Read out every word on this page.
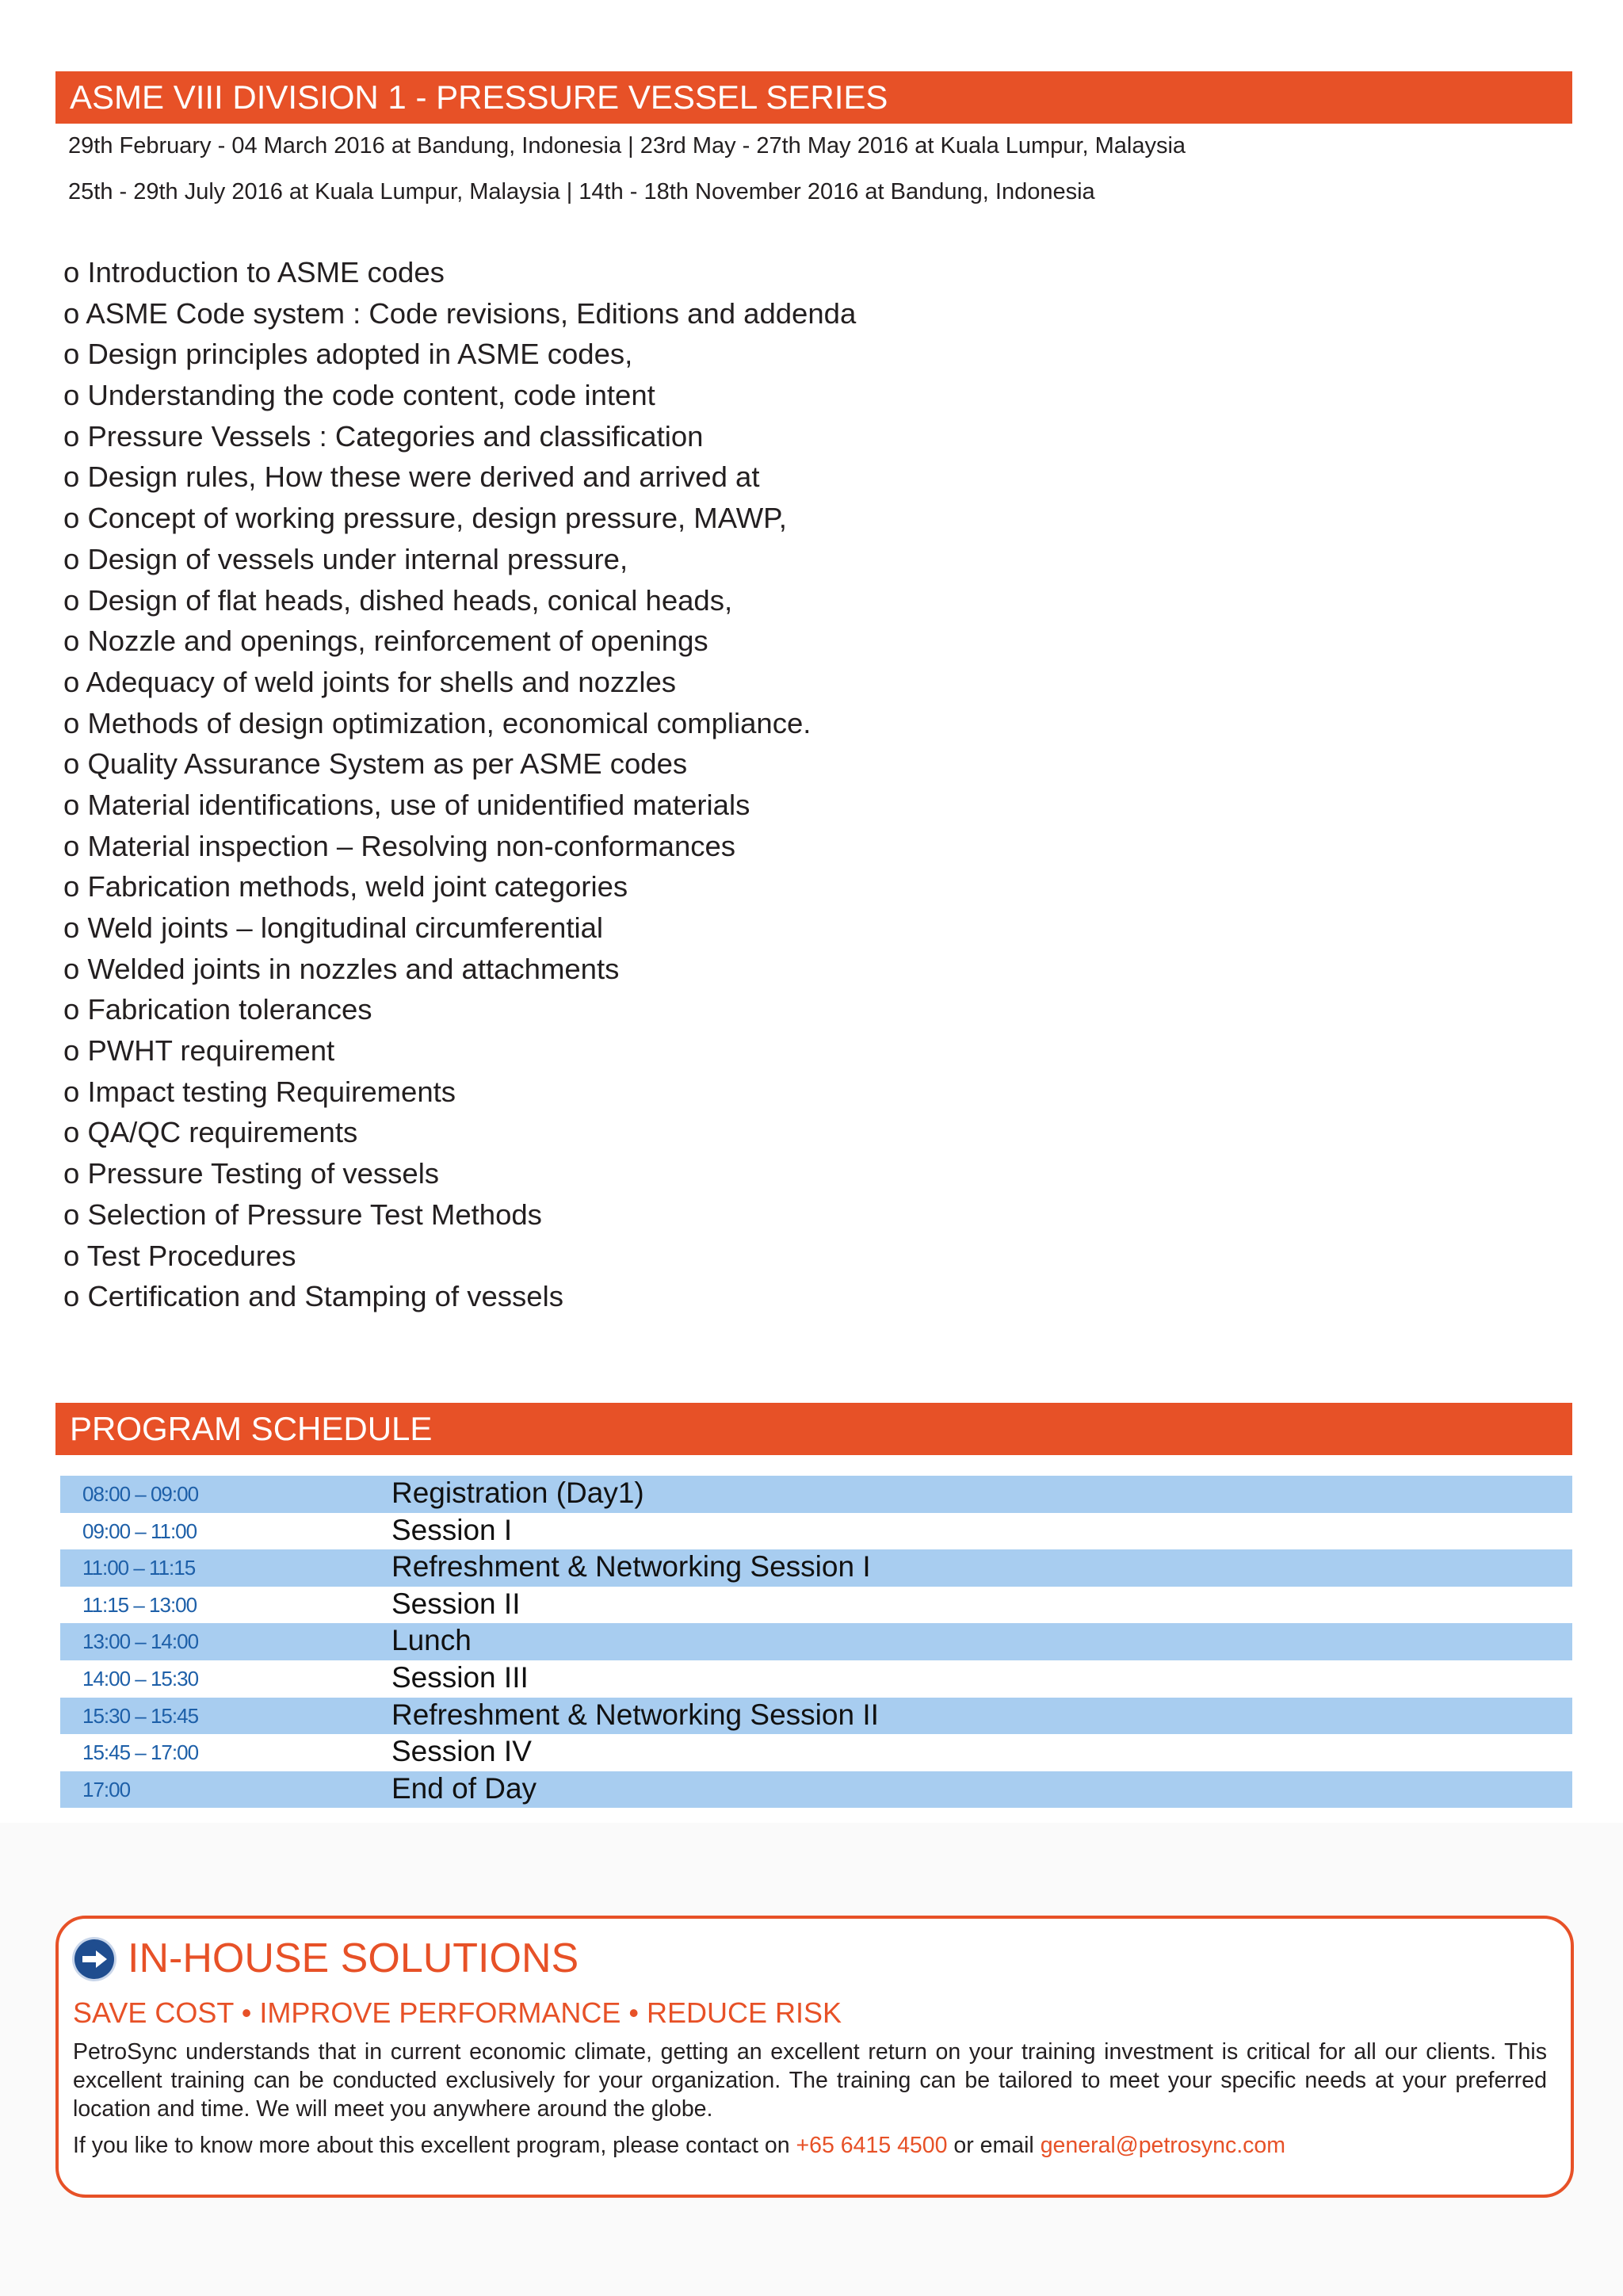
ASME VIII DIVISION 1 - PRESSURE VESSEL SERIES
29th February - 04 March 2016 at Bandung, Indonesia | 23rd May - 27th May 2016 at Kuala Lumpur, Malaysia
25th - 29th July 2016 at Kuala Lumpur, Malaysia | 14th - 18th November 2016 at Bandung, Indonesia
o Introduction to ASME codes
o ASME Code system : Code revisions, Editions and addenda
o Design principles adopted in ASME codes,
o Understanding the code content, code intent
o Pressure Vessels : Categories and classification
o Design rules, How these were derived and arrived at
o Concept of working pressure, design pressure, MAWP,
o Design of vessels under internal pressure,
o Design of flat heads, dished heads, conical heads,
o Nozzle and openings, reinforcement of openings
o Adequacy of weld joints for shells and nozzles
o Methods of design optimization, economical compliance.
o Quality Assurance System as per ASME codes
o Material identifications, use of unidentified materials
o Material inspection – Resolving non-conformances
o Fabrication methods, weld joint categories
o Weld joints – longitudinal circumferential
o Welded joints in nozzles and attachments
o Fabrication tolerances
o PWHT requirement
o Impact testing Requirements
o QA/QC requirements
o Pressure Testing of vessels
o Selection of Pressure Test Methods
o Test Procedures
o Certification and Stamping of vessels
PROGRAM SCHEDULE
08:00 – 09:00	Registration (Day1)
09:00 – 11:00	Session I
11:00 – 11:15	Refreshment & Networking Session I
11:15 – 13:00	Session II
13:00 – 14:00	Lunch
14:00 – 15:30	Session III
15:30 – 15:45	Refreshment & Networking Session II
15:45 – 17:00	Session IV
17:00	End of Day
IN-HOUSE SOLUTIONS
SAVE COST • IMPROVE PERFORMANCE • REDUCE RISK

PetroSync understands that in current economic climate, getting an excellent return on your training investment is critical for all our clients. This excellent training can be conducted exclusively for your organization. The training can be tailored to meet your specific needs at your preferred location and time. We will meet you anywhere around the globe.

If you like to know more about this excellent program, please contact on +65 6415 4500 or email general@petrosync.com
